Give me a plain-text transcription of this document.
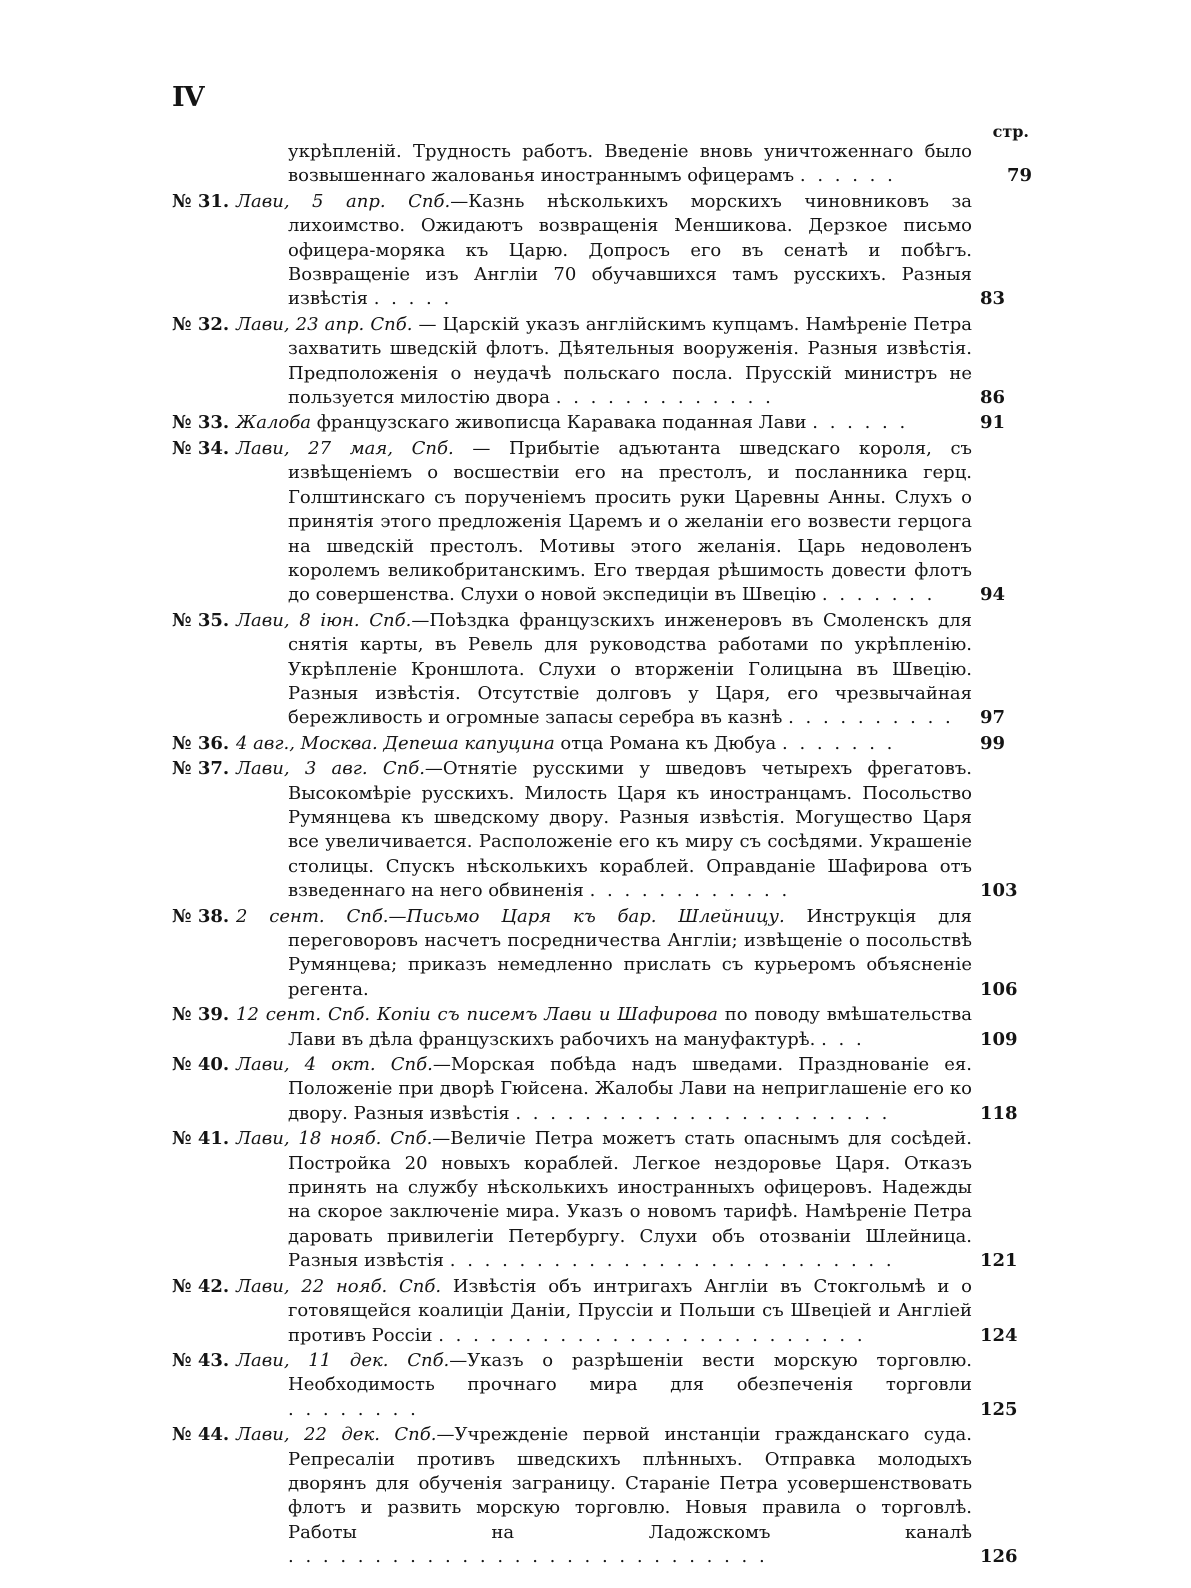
IV
стр.
укрѣпленій. Трудность работъ. Введеніе вновь уничтоженнаго было возвышеннаго жалованья иностраннымъ офицерамъ . . . . . .	79
№ 31. Лави, 5 апр. Спб.—Казнь нѣсколькихъ морскихъ чиновниковъ за лихоимство. Ожидаютъ возвращенія Меншикова. Дерзкое письмо офицера-моряка къ Царю. Допросъ его въ сенатѣ и побѣгъ. Возвращеніе изъ Англіи 70 обучавшихся тамъ русскихъ. Разныя извѣстія . . . . .	83
№ 32. Лави, 23 апр. Спб. — Царскій указъ англійскимъ купцамъ. Намѣреніе Петра захватить шведскій флотъ. Дѣятельныя вооруженія. Разныя извѣстія. Предположенія о неудачѣ польскаго посла. Прусскій министръ не пользуется милостію двора . . . . . . . . . . . . .	86
№ 33. Жалоба французскаго живописца Каравака поданная Лави . . . . . .	91
№ 34. Лави, 27 мая, Спб. — Прибытіе адъютанта шведскаго короля, съ извѣщеніемъ о восшествіи его на престолъ, и посланника герц. Голштинскаго съ порученіемъ просить руки Царевны Анны. Слухъ о принятія этого предложенія Царемъ и о желаніи его возвести герцога на шведскій престолъ. Мотивы этого желанія. Царь недоволенъ королемъ великобританскимъ. Его твердая рѣшимость довести флотъ до совершенства. Слухи о новой экспедиціи въ Швецію . . . . . . . 94
№ 35. Лави, 8 іюн. Спб.—Поѣздка французскихъ инженеровъ въ Смоленскъ для снятія карты, въ Ревель для руководства работами по укрѣпленію. Укрѣпленіе Кроншлота. Слухи о вторженіи Голицына въ Швецію. Разныя извѣстія. Отсутствіе долговъ у Царя, его чрезвычайная бережливость и огромные запасы серебра въ казнѣ . . . . . . . . . . 97
№ 36. 4 авг., Москва. Депеша капуцина отца Романа къ Дюбуа . . . . . . .	99
№ 37. Лави, 3 авг. Спб.—Отнятіе русскими у шведовъ четырехъ фрегатовъ. Высокомѣріе русскихъ. Милость Царя къ иностранцамъ. Посольство Румянцева къ шведскому двору. Разныя извѣстія. Могущество Царя все увеличивается. Расположеніе его къ миру съ сосѣдями. Украшеніе столицы. Спускъ нѣсколькихъ кораблей. Оправданіе Шафирова отъ взведеннаго на него обвиненія . . . . . . . . . . . .	103
№ 38. 2 сент. Спб.—Письмо Царя къ бар. Шлейницу. Инструкція для переговоровъ насчетъ посредничества Англіи; извѣщеніе о посольствѣ Румянцева; приказъ немедленно прислать съ курьеромъ объясненіе регента.	106
№ 39. 12 сент. Спб. Копіи съ писемъ Лави и Шафирова по поводу вмѣшательства Лави въ дѣла французскихъ рабочихъ на мануфактурѣ. . . .	109
№ 40. Лави, 4 окт. Спб.—Морская побѣда надъ шведами. Празднованіе ея. Положеніе при дворѣ Гюйсена. Жалобы Лави на неприглашеніе его ко двору. Разныя извѣстія . . . . . . . . . . . . . . . . . . . . . .	118
№ 41. Лави, 18 нояб. Спб.—Величіе Петра можетъ стать опаснымъ для сосѣдей. Постройка 20 новыхъ кораблей. Легкое нездоровье Царя. Отказъ принять на службу нѣсколькихъ иностранныхъ офицеровъ. Надежды на скорое заключеніе мира. Указъ о новомъ тарифѣ. Намѣреніе Петра даровать привилегіи Петербургу. Слухи объ отозваніи Шлейница. Разныя извѣстія . . . . . . . . . . . . . . . . . . . . . . . . . .	121
№ 42. Лави, 22 нояб. Спб. Извѣстія объ интригахъ Англіи въ Стокгольмѣ и о готовящейся коалиціи Даніи, Пруссіи и Польши съ Швеціей и Англіей противъ Россіи . . . . . . . . . . . . . . . . . . . . . . . . .	124
№ 43. Лави, 11 дек. Спб.—Указъ о разрѣшеніи вести морскую торговлю. Необходимость прочнаго мира для обезпеченія торговли . . . . . . . .	125
№ 44. Лави, 22 дек. Спб.—Учрежденіе первой инстанціи гражданскаго суда. Репресаліи противъ шведскихъ плѣнныхъ. Отправка молодыхъ дворянъ для обученія заграницу. Стараніе Петра усовершенствовать флотъ и развить морскую торговлю. Новыя правила о торговлѣ. Работы на Ладожскомъ каналѣ . . . . . . . . . . . . . . . . . . . . . . . . . . . .	126
